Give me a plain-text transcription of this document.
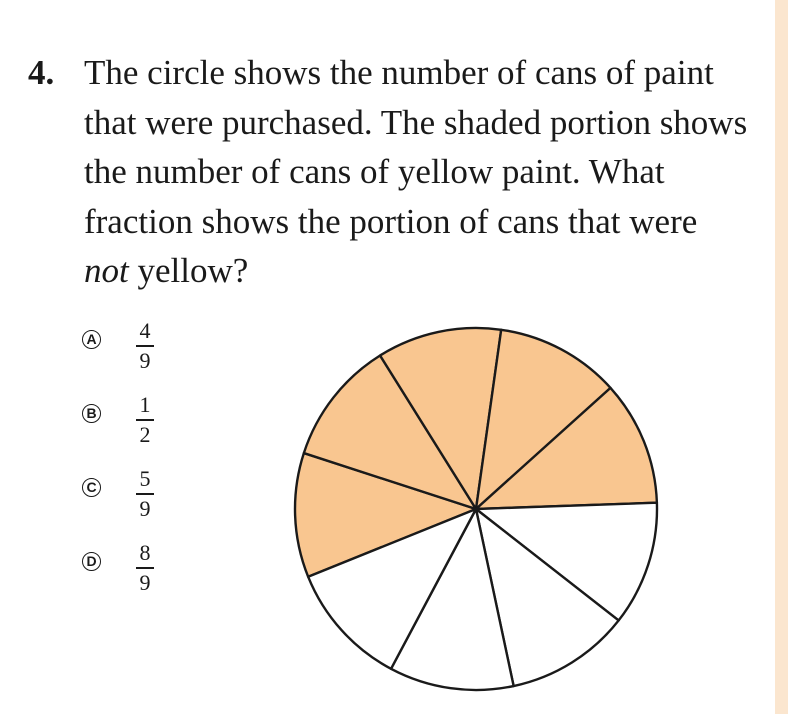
4. The circle shows the number of cans of paint that were purchased. The shaded portion shows the number of cans of yellow paint. What fraction shows the portion of cans that were not yellow?
A 4
9
B 1
2
C 5
9
D 8
9
